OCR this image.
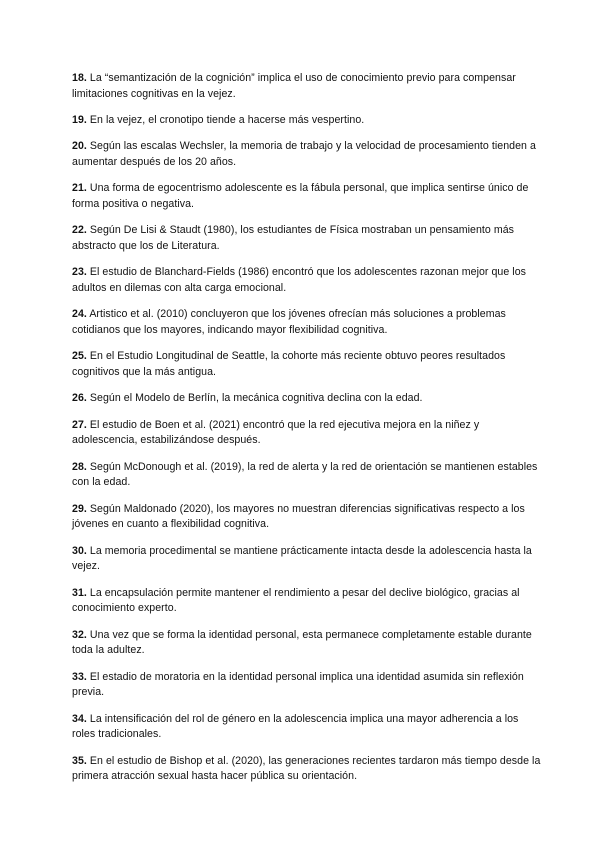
18. La “semantización de la cognición” implica el uso de conocimiento previo para compensar limitaciones cognitivas en la vejez.

19. En la vejez, el cronotipo tiende a hacerse más vespertino.

20. Según las escalas Wechsler, la memoria de trabajo y la velocidad de procesamiento tienden a aumentar después de los 20 años.

21. Una forma de egocentrismo adolescente es la fábula personal, que implica sentirse único de forma positiva o negativa.

22. Según De Lisi & Staudt (1980), los estudiantes de Física mostraban un pensamiento más abstracto que los de Literatura.

23. El estudio de Blanchard-Fields (1986) encontró que los adolescentes razonan mejor que los adultos en dilemas con alta carga emocional.

24. Artistico et al. (2010) concluyeron que los jóvenes ofrecían más soluciones a problemas cotidianos que los mayores, indicando mayor flexibilidad cognitiva.

25. En el Estudio Longitudinal de Seattle, la cohorte más reciente obtuvo peores resultados cognitivos que la más antigua.

26. Según el Modelo de Berlín, la mecánica cognitiva declina con la edad.

27. El estudio de Boen et al. (2021) encontró que la red ejecutiva mejora en la niñez y adolescencia, estabilizándose después.

28. Según McDonough et al. (2019), la red de alerta y la red de orientación se mantienen estables con la edad.

29. Según Maldonado (2020), los mayores no muestran diferencias significativas respecto a los jóvenes en cuanto a flexibilidad cognitiva.

30. La memoria procedimental se mantiene prácticamente intacta desde la adolescencia hasta la vejez.

31. La encapsulación permite mantener el rendimiento a pesar del declive biológico, gracias al conocimiento experto.

32. Una vez que se forma la identidad personal, esta permanece completamente estable durante toda la adultez.

33. El estadio de moratoria en la identidad personal implica una identidad asumida sin reflexión previa.

34. La intensificación del rol de género en la adolescencia implica una mayor adherencia a los roles tradicionales.

35. En el estudio de Bishop et al. (2020), las generaciones recientes tardaron más tiempo desde la primera atracción sexual hasta hacer pública su orientación.
